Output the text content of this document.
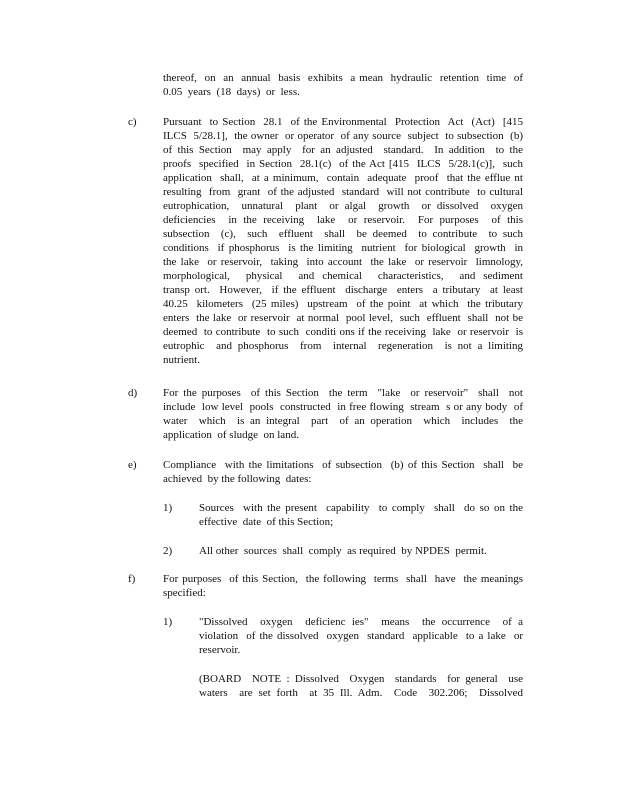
thereof,  on  an  annual  basis  exhibits  a mean  hydraulic  retention  time  of
0.05  years  (18  days)  or  less.
c) Pursuant  to Section  28.1  of the Environmental  Protection  Act  (Act)  [415
ILCS  5/28.1],  the owner  or operator  of any source  subject  to subsection  (b)
of this Section  may apply  for an adjusted  standard.  In addition  to the
proofs  specified  in Section  28.1(c)  of the Act [415  ILCS  5/28.1(c)],  such
application  shall,  at a minimum,  contain  adequate  proof  that the efflue nt
resulting  from  grant  of the adjusted  standard  will not contribute  to cultural
eutrophication,  unnatural  plant  or algal  growth  or dissolved  oxygen
deficiencies  in the receiving  lake  or reservoir.  For purposes  of this
subsection  (c),  such  effluent  shall  be deemed  to contribute  to such
conditions  if phosphorus  is the limiting  nutrient  for biological  growth  in
the lake  or reservoir,  taking  into account  the lake  or reservoir  limnology,
morphological,  physical  and chemical  characteristics,  and sediment
transp ort.  However,  if the effluent  discharge  enters  a tributary  at least
40.25  kilometers  (25 miles)  upstream  of the point  at which  the tributary
enters  the lake  or reservoir  at normal  pool level,  such  effluent  shall  not be
deemed  to contribute  to such  conditi ons if the receiving  lake  or reservoir  is
eutrophic  and phosphorus  from  internal  regeneration  is not a limiting
nutrient.
d) For the purposes  of this Section  the term  "lake  or reservoir"  shall  not
include  low level  pools  constructed  in free flowing  stream  s or any body  of
water  which  is an integral  part  of an operation  which  includes  the
application  of sludge  on land.
e) Compliance  with the limitations  of subsection  (b) of this Section  shall  be
achieved  by the following  dates:
1) Sources  with the present  capability  to comply  shall  do so on the
effective  date  of this Section;
2) All other  sources  shall  comply  as required  by NPDES  permit.
f)	For purposes  of this Section,  the following  terms  shall  have  the meanings
specified:
1) "Dissolved  oxygen  deficienc ies"  means  the occurrence  of a
violation  of the dissolved  oxygen  standard  applicable  to a lake  or
reservoir.
(BOARD  NOTE : Dissolved  Oxygen  standards  for general  use
waters  are set forth  at 35 Ill. Adm.  Code  302.206;  Dissolved
